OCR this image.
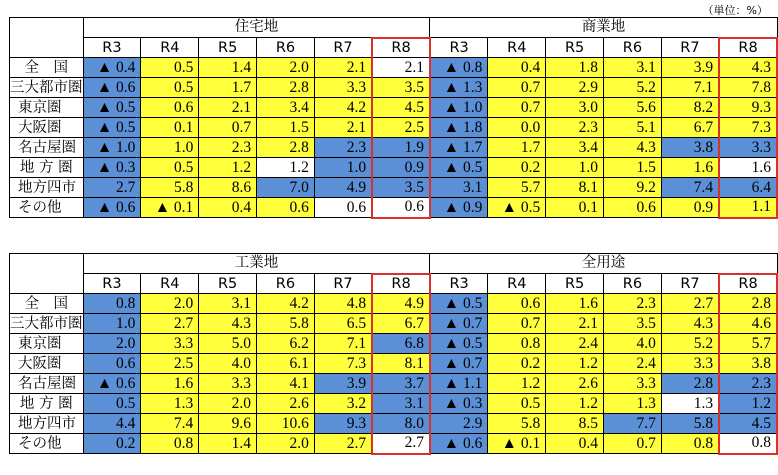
（単位：%）
	住宅地						商業地					
	R3	R4	R5	R6	R7	R8	R3	R4	R5	R6	R7	R8
全　国	▲ 0.4	0.5	1.4	2.0	2.1	2.1	▲ 0.8	0.4	1.8	3.1	3.9	4.3
三大都市圏	▲ 0.6	0.5	1.7	2.8	3.3	3.5	▲ 1.3	0.7	2.9	5.2	7.1	7.8
東京圏	▲ 0.5	0.6	2.1	3.4	4.2	4.5	▲ 1.0	0.7	3.0	5.6	8.2	9.3
大阪圏	▲ 0.5	0.1	0.7	1.5	2.1	2.5	▲ 1.8	0.0	2.3	5.1	6.7	7.3
名古屋圏	▲ 1.0	1.0	2.3	2.8	2.3	1.9	▲ 1.7	1.7	3.4	4.3	3.8	3.3
地 方 圏	▲ 0.3	0.5	1.2	1.2	1.0	0.9	▲ 0.5	0.2	1.0	1.5	1.6	1.6
地方四市	2.7	5.8	8.6	7.0	4.9	3.5	3.1	5.7	8.1	9.2	7.4	6.4
その他	▲ 0.6	▲ 0.1	0.4	0.6	0.6	0.6	▲ 0.9	▲ 0.5	0.1	0.6	0.9	1.1
	工業地						全用途					
	R3	R4	R5	R6	R7	R8	R3	R4	R5	R6	R7	R8
全　国	0.8	2.0	3.1	4.2	4.8	4.9	▲ 0.5	0.6	1.6	2.3	2.7	2.8
三大都市圏	1.0	2.7	4.3	5.8	6.5	6.7	▲ 0.7	0.7	2.1	3.5	4.3	4.6
東京圏	2.0	3.3	5.0	6.2	7.1	6.8	▲ 0.5	0.8	2.4	4.0	5.2	5.7
大阪圏	0.6	2.5	4.0	6.1	7.3	8.1	▲ 0.7	0.2	1.2	2.4	3.3	3.8
名古屋圏	▲ 0.6	1.6	3.3	4.1	3.9	3.7	▲ 1.1	1.2	2.6	3.3	2.8	2.3
地 方 圏	0.5	1.3	2.0	2.6	3.2	3.1	▲ 0.3	0.5	1.2	1.3	1.3	1.2
地方四市	4.4	7.4	9.6	10.6	9.3	8.0	2.9	5.8	8.5	7.7	5.8	4.5
その他	0.2	0.8	1.4	2.0	2.7	2.7	▲ 0.6	▲ 0.1	0.4	0.7	0.8	0.8
